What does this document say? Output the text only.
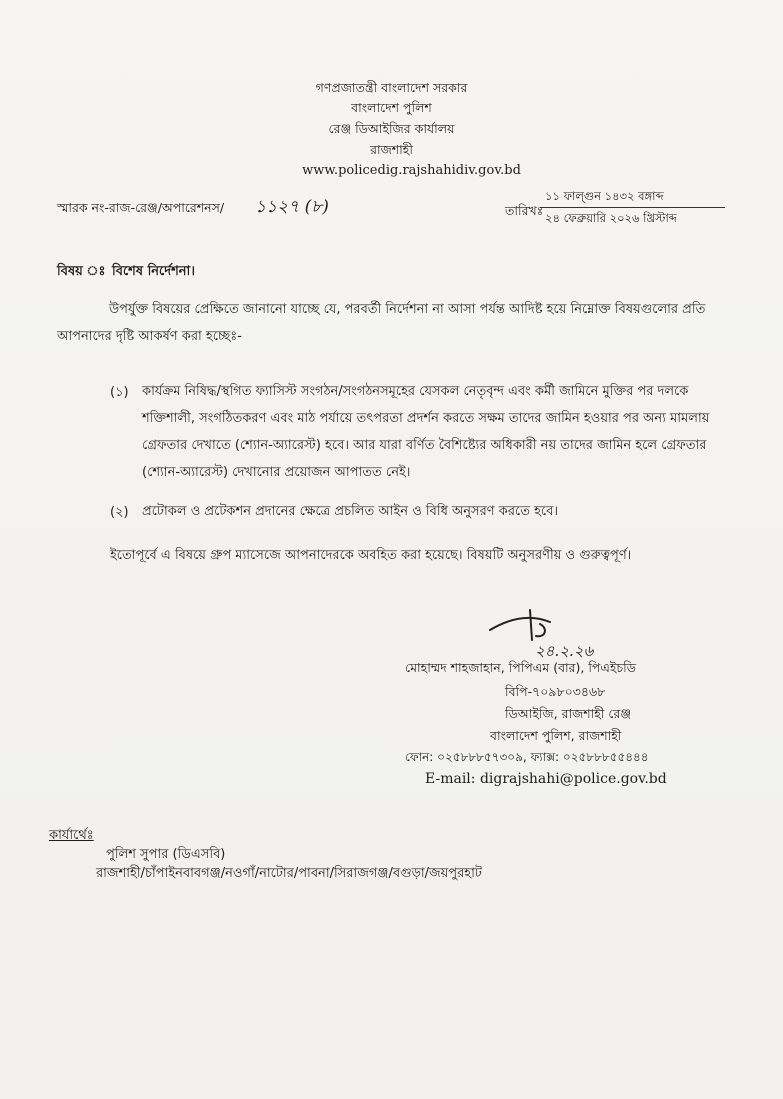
গণপ্রজাতন্ত্রী বাংলাদেশ সরকার
বাংলাদেশ পুলিশ
রেঞ্জ ডিআইজির কার্যালয়
রাজশাহী
www.policedig.rajshahidiv.gov.bd
স্মারক নং-রাজ-রেঞ্জ/অপারেশনস/ ১১২৭ (৮)	তারিখঃ
১১ ফাল্গুন ১৪৩২ বঙ্গাব্দ
২৪ ফেব্রুয়ারি ২০২৬ খ্রিস্টাব্দ
বিষয় ঃ বিশেষ নির্দেশনা।
উপর্যুক্ত বিষয়ের প্রেক্ষিতে জানানো যাচ্ছে যে, পরবর্তী নির্দেশনা না আসা পর্যন্ত আদিষ্ট হয়ে নিম্নোক্ত বিষয়গুলোর প্রতি আপনাদের দৃষ্টি আকর্ষণ করা হচ্ছেঃ-
(১) কার্যক্রম নিষিদ্ধ/স্থগিত ফ্যাসিস্ট সংগঠন/সংগঠনসমূহের যেসকল নেতৃবৃন্দ এবং কর্মী জামিনে মুক্তির পর দলকে শক্তিশালী, সংগঠিতকরণ এবং মাঠ পর্যায়ে তৎপরতা প্রদর্শন করতে সক্ষম তাদের জামিন হওয়ার পর অন্য মামলায় গ্রেফতার দেখাতে (শ্যোন-অ্যারেস্ট) হবে। আর যারা বর্ণিত বৈশিষ্ট্যের অধিকারী নয় তাদের জামিন হলে গ্রেফতার (শ্যোন-অ্যারেস্ট) দেখানোর প্রয়োজন আপাতত নেই।
(২) প্রটোকল ও প্রটেকশন প্রদানের ক্ষেত্রে প্রচলিত আইন ও বিধি অনুসরণ করতে হবে।
ইতোপূর্বে এ বিষয়ে গ্রুপ ম্যাসেজে আপনাদেরকে অবহিত করা হয়েছে। বিষয়টি অনুসরণীয় ও গুরুত্বপূর্ণ।
২৪.২.২৬
মোহাম্মদ শাহজাহান, পিপিএম (বার), পিএইচডি
বিপি-৭০৯৮০৩৪৬৮
ডিআইজি, রাজশাহী রেঞ্জ
বাংলাদেশ পুলিশ, রাজশাহী
ফোন: ০২৫৮৮৮৫৭৩০৯, ফ্যাক্স: ০২৫৮৮৮৫৫৪৪৪
E-mail: digrajshahi@police.gov.bd
কার্যার্থেঃ
পুলিশ সুপার (ডিএসবি)
রাজশাহী/চাঁপাইনবাবগঞ্জ/নওগাঁ/নাটোর/পাবনা/সিরাজগঞ্জ/বগুড়া/জয়পুরহাট
